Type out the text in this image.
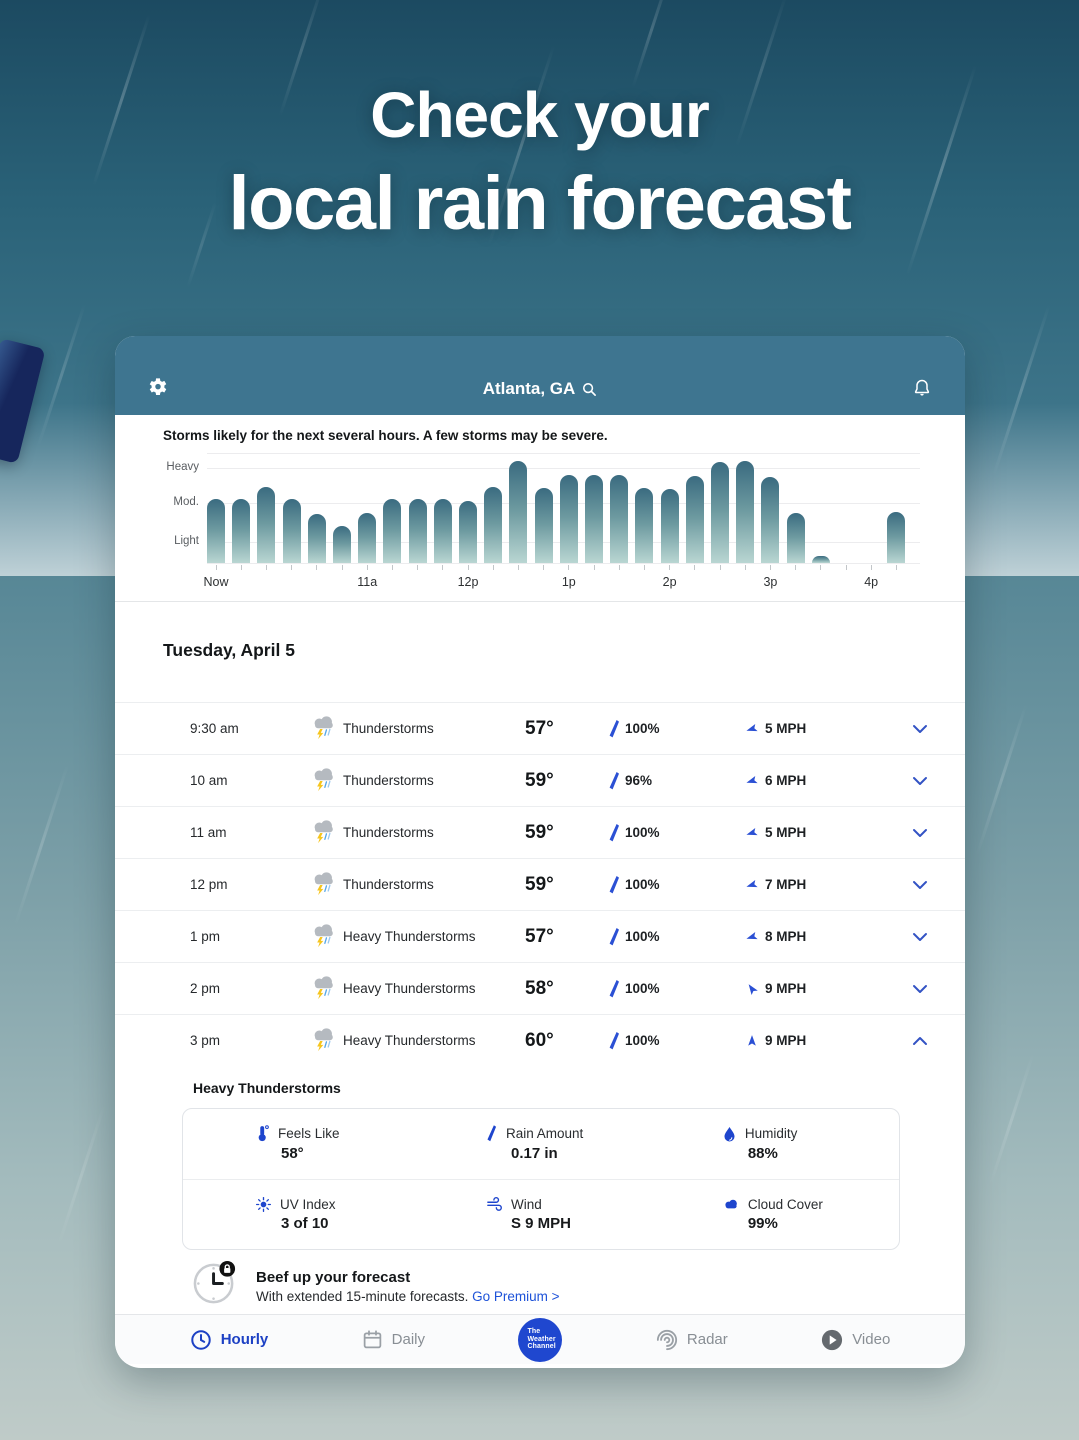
Check your
local rain forecast
Atlanta, GA
Storms likely for the next several hours. A few storms may be severe.
Heavy
Mod.
Light
Now	11a	12p	1p	2p	3p	4p
Tuesday, April 5
9:30 am	Thunderstorms	57°	100%	5 MPH
10 am	Thunderstorms	59°	96%	6 MPH
11 am	Thunderstorms	59°	100%	5 MPH
12 pm	Thunderstorms	59°	100%	7 MPH
1 pm	Heavy Thunderstorms	57°	100%	8 MPH
2 pm	Heavy Thunderstorms	58°	100%	9 MPH
3 pm	Heavy Thunderstorms	60°	100%	9 MPH
Heavy Thunderstorms
Feels Like
58°
Rain Amount
0.17 in
Humidity
88%
UV Index
3 of 10
Wind
S 9 MPH
Cloud Cover
99%
Beef up your forecast
With extended 15-minute forecasts. Go Premium >
Hourly	Daily	The
Weather
Channel	Radar	Video
